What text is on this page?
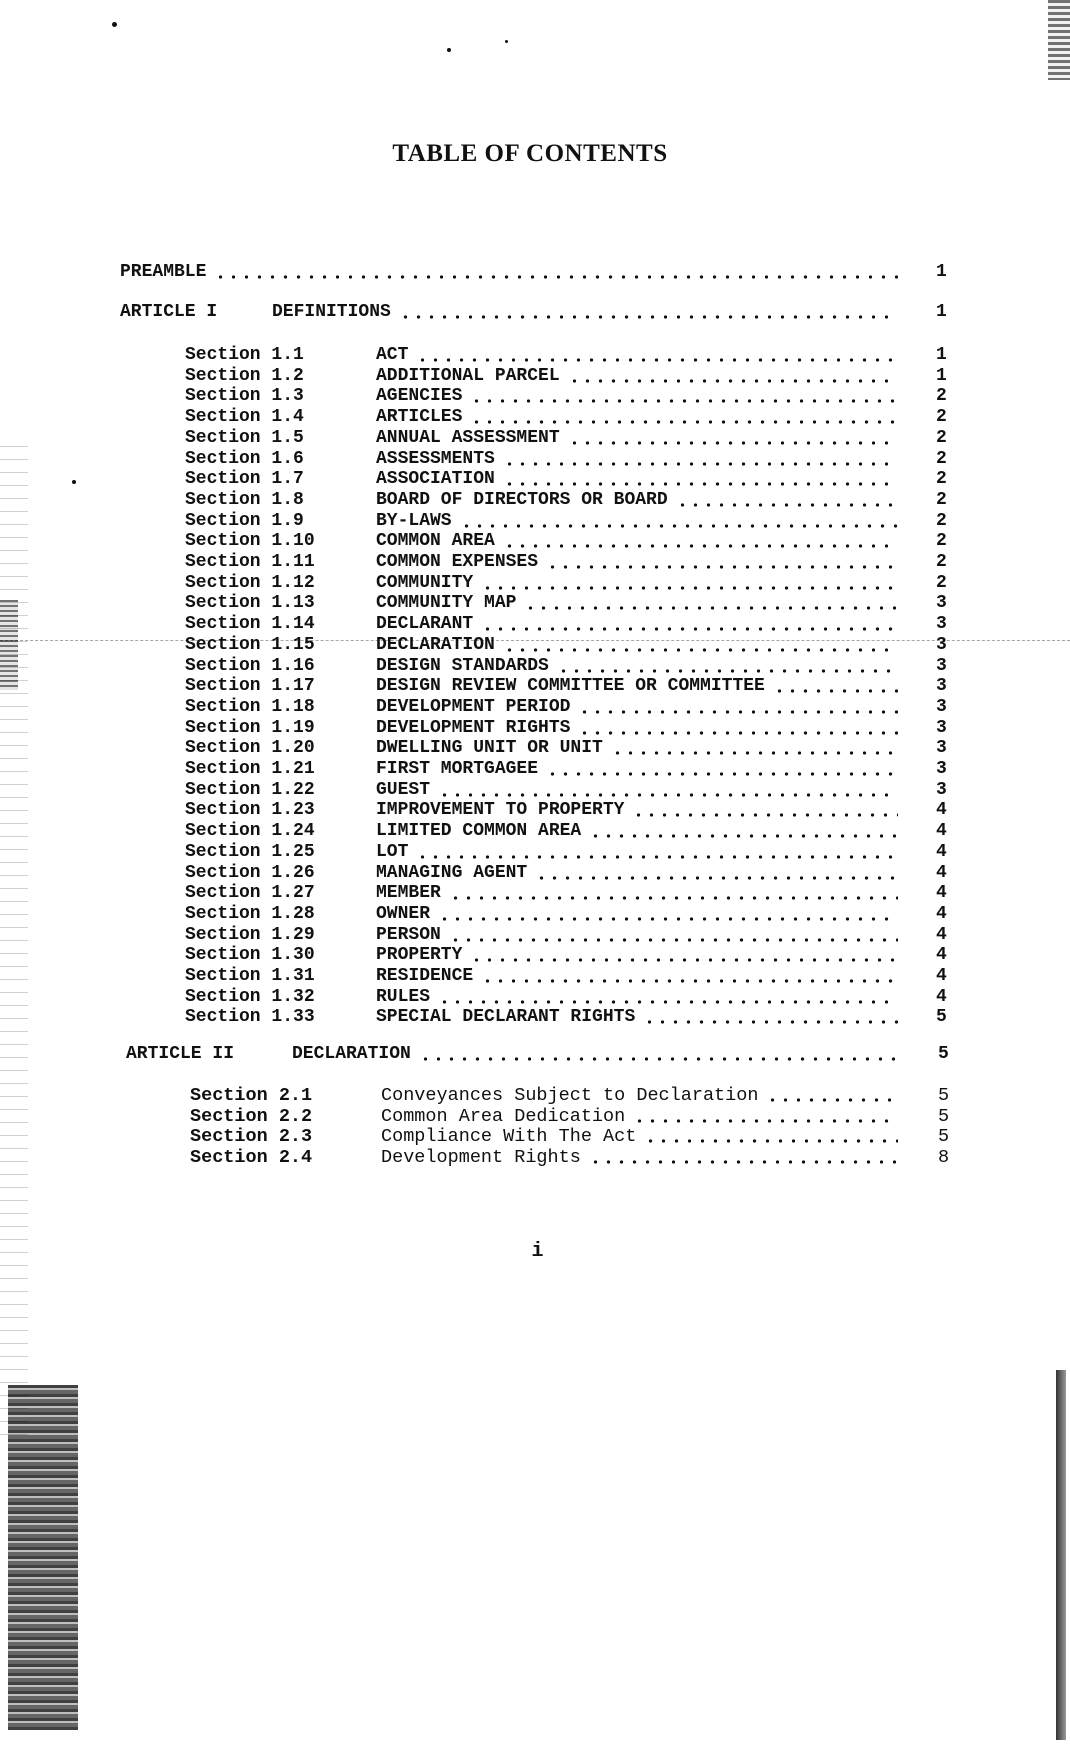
TABLE OF CONTENTS
PREAMBLE	1
ARTICLE I	DEFINITIONS	1
Section 1.1	ACT	1
Section 1.2	ADDITIONAL PARCEL	1
Section 1.3	AGENCIES	2
Section 1.4	ARTICLES	2
Section 1.5	ANNUAL ASSESSMENT	2
Section 1.6	ASSESSMENTS	2
Section 1.7	ASSOCIATION	2
Section 1.8	BOARD OF DIRECTORS OR BOARD	2
Section 1.9	BY-LAWS	2
Section 1.10	COMMON AREA	2
Section 1.11	COMMON EXPENSES	2
Section 1.12	COMMUNITY	2
Section 1.13	COMMUNITY MAP	3
Section 1.14	DECLARANT	3
Section 1.15	DECLARATION	3
Section 1.16	DESIGN STANDARDS	3
Section 1.17	DESIGN REVIEW COMMITTEE OR COMMITTEE	3
Section 1.18	DEVELOPMENT PERIOD	3
Section 1.19	DEVELOPMENT RIGHTS	3
Section 1.20	DWELLING UNIT OR UNIT	3
Section 1.21	FIRST MORTGAGEE	3
Section 1.22	GUEST	3
Section 1.23	IMPROVEMENT TO PROPERTY	4
Section 1.24	LIMITED COMMON AREA	4
Section 1.25	LOT	4
Section 1.26	MANAGING AGENT	4
Section 1.27	MEMBER	4
Section 1.28	OWNER	4
Section 1.29	PERSON	4
Section 1.30	PROPERTY	4
Section 1.31	RESIDENCE	4
Section 1.32	RULES	4
Section 1.33	SPECIAL DECLARANT RIGHTS	5
ARTICLE II	DECLARATION	5
Section 2.1	Conveyances Subject to Declaration	5
Section 2.2	Common Area Dedication	5
Section 2.3	Compliance With The Act	5
Section 2.4	Development Rights	8
i
